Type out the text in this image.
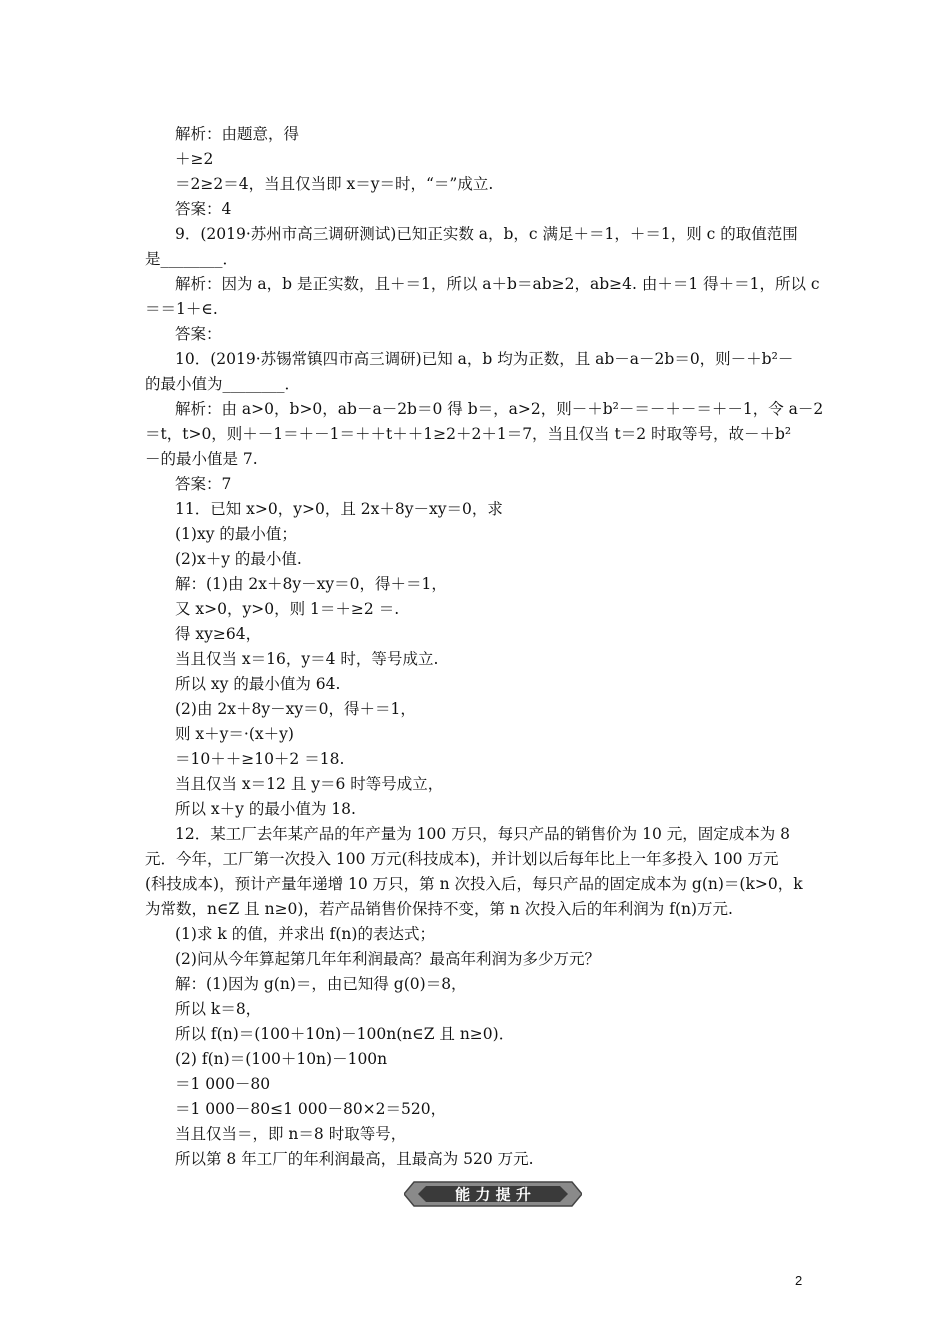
解析：由题意，得
＋≥2
＝2≥2＝4，当且仅当即 x＝y＝时，“＝”成立.
答案：4
9．(2019·苏州市高三调研测试)已知正实数 a，b，c 满足＋＝1，＋＝1，则 c 的取值范围
是________．
解析：因为 a，b 是正实数，且＋＝1，所以 a＋b＝ab≥2，ab≥4. 由＋＝1 得＋＝1，所以 c
＝＝1＋∈.
答案：
10．(2019·苏锡常镇四市高三调研)已知 a，b 均为正数，且 ab－a－2b＝0，则－＋b²－
的最小值为________．
解析：由 a>0，b>0，ab－a－2b＝0 得 b＝，a>2，则－＋b²－＝－＋－＝＋－1，令 a－2
＝t，t>0，则＋－1＝＋－1＝＋＋t＋＋1≥2＋2＋1＝7，当且仅当 t＝2 时取等号，故－＋b²
－的最小值是 7.
答案：7
11．已知 x>0，y>0，且 2x＋8y－xy＝0，求
(1)xy 的最小值；
(2)x＋y 的最小值.
解：(1)由 2x＋8y－xy＝0，得＋＝1，
又 x>0，y>0，则 1＝＋≥2 ＝.
得 xy≥64，
当且仅当 x＝16，y＝4 时，等号成立.
所以 xy 的最小值为 64.
(2)由 2x＋8y－xy＝0，得＋＝1，
则 x＋y＝·(x＋y)
＝10＋＋≥10＋2 ＝18.
当且仅当 x＝12 且 y＝6 时等号成立，
所以 x＋y 的最小值为 18.
12．某工厂去年某产品的年产量为 100 万只，每只产品的销售价为 10 元，固定成本为 8
元．今年，工厂第一次投入 100 万元(科技成本)，并计划以后每年比上一年多投入 100 万元
(科技成本)，预计产量年递增 10 万只，第 n 次投入后，每只产品的固定成本为 g(n)＝(k>0，k
为常数，n∈Z 且 n≥0)，若产品销售价保持不变，第 n 次投入后的年利润为 f(n)万元.
(1)求 k 的值，并求出 f(n)的表达式；
(2)问从今年算起第几年年利润最高？最高年利润为多少万元？
解：(1)因为 g(n)＝，由已知得 g(0)＝8，
所以 k＝8，
所以 f(n)＝(100＋10n)－100n(n∈Z 且 n≥0)．
(2) f(n)＝(100＋10n)－100n
＝1 000－80
＝1 000－80≤1 000－80×2＝520，
当且仅当＝，即 n＝8 时取等号，
所以第 8 年工厂的年利润最高，且最高为 520 万元.
能 力 提 升
2
